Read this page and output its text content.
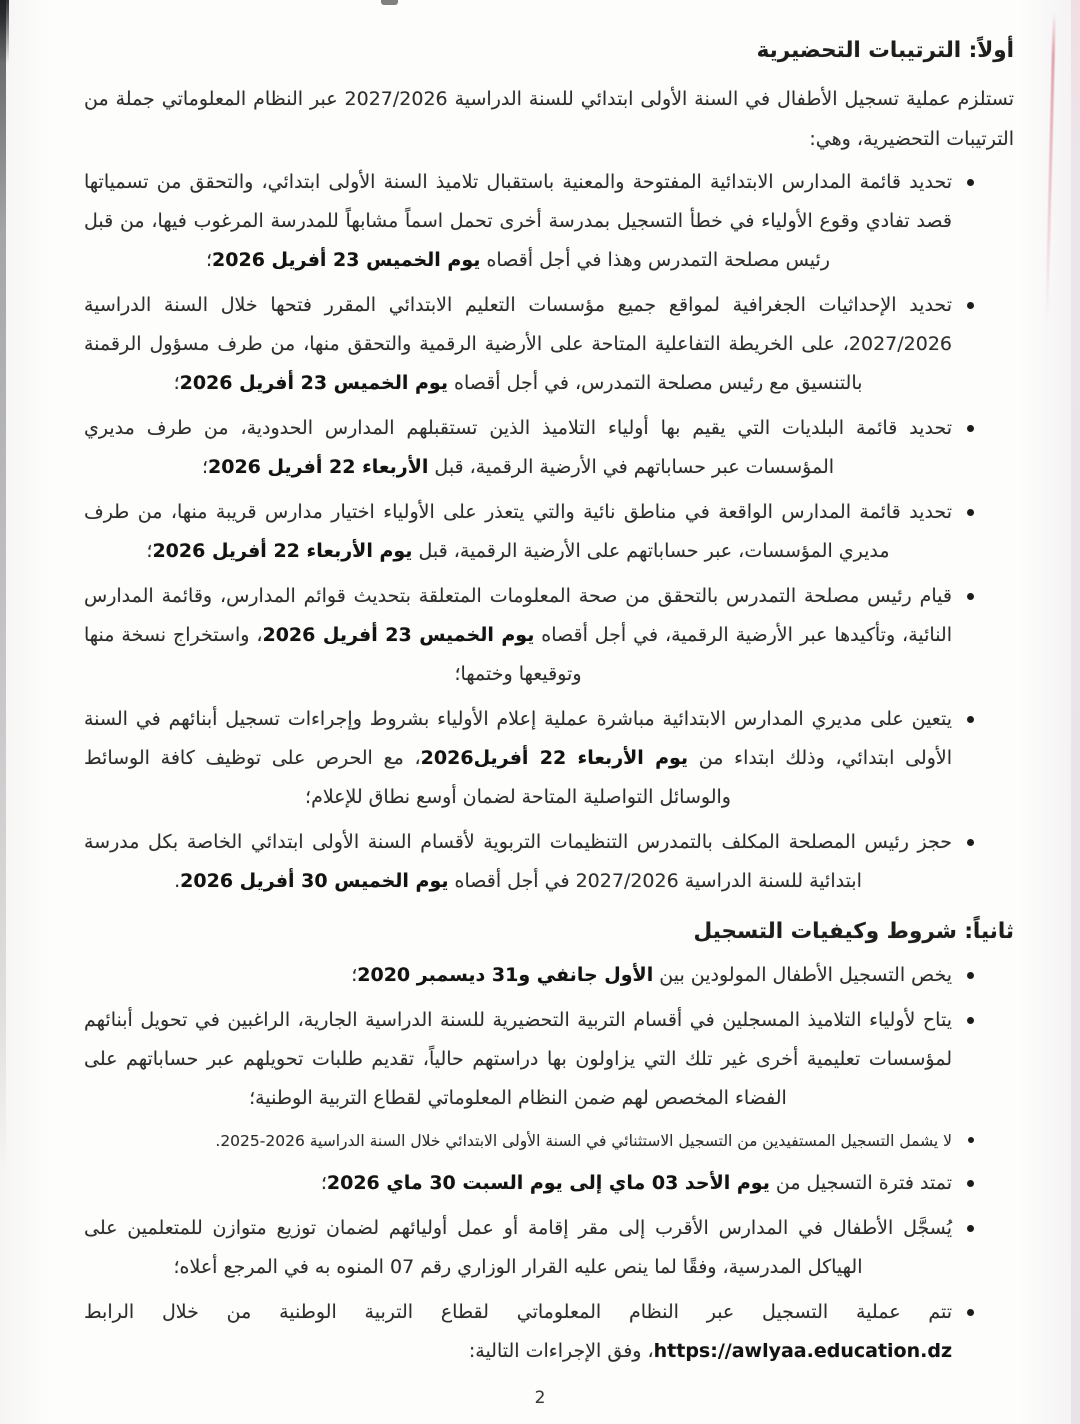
أولاً: الترتيبات التحضيرية

تستلزم عملية تسجيل الأطفال في السنة الأولى ابتدائي للسنة الدراسية 2027/2026 عبر النظام المعلوماتي جملة من الترتيبات التحضيرية، وهي:

تحديد قائمة المدارس الابتدائية المفتوحة والمعنية باستقبال تلاميذ السنة الأولى ابتدائي، والتحقق من تسمياتها قصد تفادي وقوع الأولياء في خطأ التسجيل بمدرسة أخرى تحمل اسماً مشابهاً للمدرسة المرغوب فيها، من قبل رئيس مصلحة التمدرس وهذا في أجل أقصاه يوم الخميس 23 أفريل 2026؛
تحديد الإحداثيات الجغرافية لمواقع جميع مؤسسات التعليم الابتدائي المقرر فتحها خلال السنة الدراسية 2027/2026، على الخريطة التفاعلية المتاحة على الأرضية الرقمية والتحقق منها، من طرف مسؤول الرقمنة بالتنسيق مع رئيس مصلحة التمدرس، في أجل أقصاه يوم الخميس 23 أفريل 2026؛
تحديد قائمة البلديات التي يقيم بها أولياء التلاميذ الذين تستقبلهم المدارس الحدودية، من طرف مديري المؤسسات عبر حساباتهم في الأرضية الرقمية، قبل الأربعاء 22 أفريل 2026؛
تحديد قائمة المدارس الواقعة في مناطق نائية والتي يتعذر على الأولياء اختيار مدارس قريبة منها، من طرف مديري المؤسسات، عبر حساباتهم على الأرضية الرقمية، قبل يوم الأربعاء 22 أفريل 2026؛
قيام رئيس مصلحة التمدرس بالتحقق من صحة المعلومات المتعلقة بتحديث قوائم المدارس، وقائمة المدارس النائية، وتأكيدها عبر الأرضية الرقمية، في أجل أقصاه يوم الخميس 23 أفريل 2026، واستخراج نسخة منها وتوقيعها وختمها؛
يتعين على مديري المدارس الابتدائية مباشرة عملية إعلام الأولياء بشروط وإجراءات تسجيل أبنائهم في السنة الأولى ابتدائي، وذلك ابتداء من يوم الأربعاء 22 أفريل2026، مع الحرص على توظيف كافة الوسائط والوسائل التواصلية المتاحة لضمان أوسع نطاق للإعلام؛
حجز رئيس المصلحة المكلف بالتمدرس التنظيمات التربوية لأقسام السنة الأولى ابتدائي الخاصة بكل مدرسة ابتدائية للسنة الدراسية 2027/2026 في أجل أقصاه يوم الخميس 30 أفريل 2026.
ثانياً: شروط وكيفيات التسجيل
يخص التسجيل الأطفال المولودين بين الأول جانفي و31 ديسمبر 2020؛
يتاح لأولياء التلاميذ المسجلين في أقسام التربية التحضيرية للسنة الدراسية الجارية، الراغبين في تحويل أبنائهم لمؤسسات تعليمية أخرى غير تلك التي يزاولون بها دراستهم حالياً، تقديم طلبات تحويلهم عبر حساباتهم على الفضاء المخصص لهم ضمن النظام المعلوماتي لقطاع التربية الوطنية؛
لا يشمل التسجيل المستفيدين من التسجيل الاستثنائي في السنة الأولى الابتدائي خلال السنة الدراسية 2026-2025.
تمتد فترة التسجيل من يوم الأحد 03 ماي إلى يوم السبت 30 ماي 2026؛
يُسجَّل الأطفال في المدارس الأقرب إلى مقر إقامة أو عمل أوليائهم لضمان توزيع متوازن للمتعلمين على الهياكل المدرسية، وفقًا لما ينص عليه القرار الوزاري رقم 07 المنوه به في المرجع أعلاه؛
تتم عملية التسجيل عبر النظام المعلوماتي لقطاع التربية الوطنية من خلال الرابط https://awlyaa.education.dz، وفق الإجراءات التالية:
2
